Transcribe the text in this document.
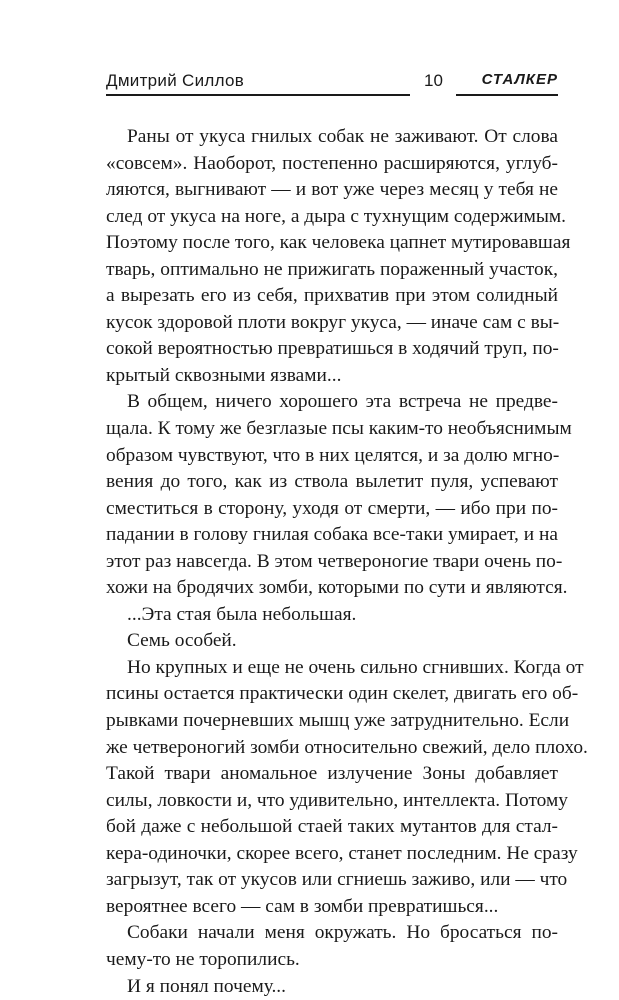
Дмитрий Силлов	10	СТАЛКЕР
Раны от укуса гнилых собак не заживают. От слова
«совсем». Наоборот, постепенно расширяются, углуб-
ляются, выгнивают — и вот уже через месяц у тебя не
след от укуса на ноге, а дыра с тухнущим содержимым.
Поэтому после того, как человека цапнет мутировавшая
тварь, оптимально не прижигать пораженный участок,
а вырезать его из себя, прихватив при этом солидный
кусок здоровой плоти вокруг укуса, — иначе сам с вы-
сокой вероятностью превратишься в ходячий труп, по-
крытый сквозными язвами...
В общем, ничего хорошего эта встреча не предве-
щала. К тому же безглазые псы каким-то необъяснимым
образом чувствуют, что в них целятся, и за долю мгно-
вения до того, как из ствола вылетит пуля, успевают
сместиться в сторону, уходя от смерти, — ибо при по-
падании в голову гнилая собака все-таки умирает, и на
этот раз навсегда. В этом четвероногие твари очень по-
хожи на бродячих зомби, которыми по сути и являются.
...Эта стая была небольшая.
Семь особей.
Но крупных и еще не очень сильно сгнивших. Когда от
псины остается практически один скелет, двигать его об-
рывками почерневших мышц уже затруднительно. Если
же четвероногий зомби относительно свежий, дело плохо.
Такой твари аномальное излучение Зоны добавляет
силы, ловкости и, что удивительно, интеллекта. Потому
бой даже с небольшой стаей таких мутантов для стал-
кера-одиночки, скорее всего, станет последним. Не сразу
загрызут, так от укусов или сгниешь заживо, или — что
вероятнее всего — сам в зомби превратишься...
Собаки начали меня окружать. Но бросаться по-
чему-то не торопились.
И я понял почему...
